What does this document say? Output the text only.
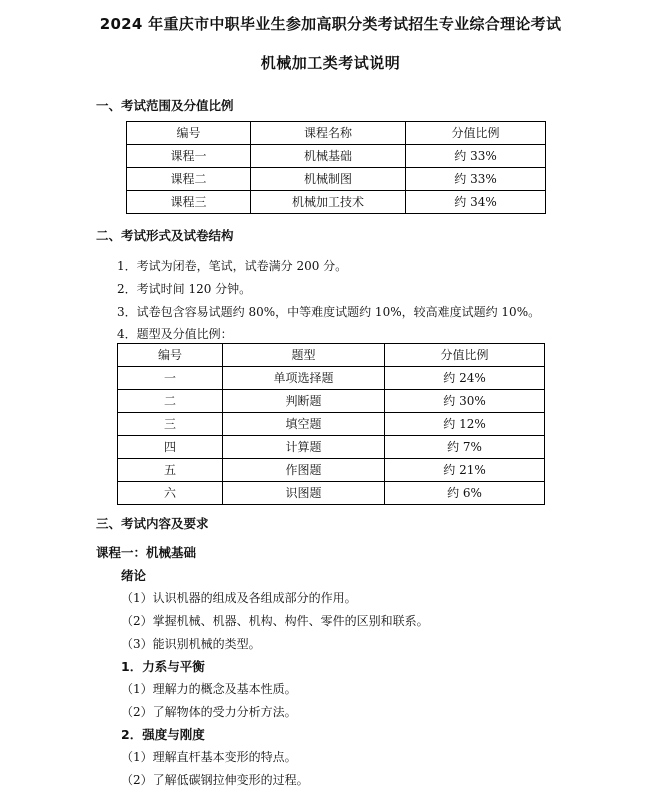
2024 年重庆市中职毕业生参加高职分类考试招生专业综合理论考试
机械加工类考试说明
一、考试范围及分值比例
编号	课程名称	分值比例
课程一	机械基础	约 33%
课程二	机械制图	约 33%
课程三	机械加工技术	约 34%
二、考试形式及试卷结构
1．考试为闭卷，笔试，试卷满分 200 分。
2．考试时间 120 分钟。
3．试卷包含容易试题约 80%，中等难度试题约 10%，较高难度试题约 10%。
4．题型及分值比例：
编号	题型	分值比例
一	单项选择题	约 24%
二	判断题	约 30%
三	填空题	约 12%
四	计算题	约 7%
五	作图题	约 21%
六	识图题	约 6%
三、考试内容及要求
课程一：机械基础
绪论
（1）认识机器的组成及各组成部分的作用。
（2）掌握机械、机器、机构、构件、零件的区别和联系。
（3）能识别机械的类型。
1．力系与平衡
（1）理解力的概念及基本性质。
（2）了解物体的受力分析方法。
2．强度与刚度
（1）理解直杆基本变形的特点。
（2）了解低碳钢拉伸变形的过程。
